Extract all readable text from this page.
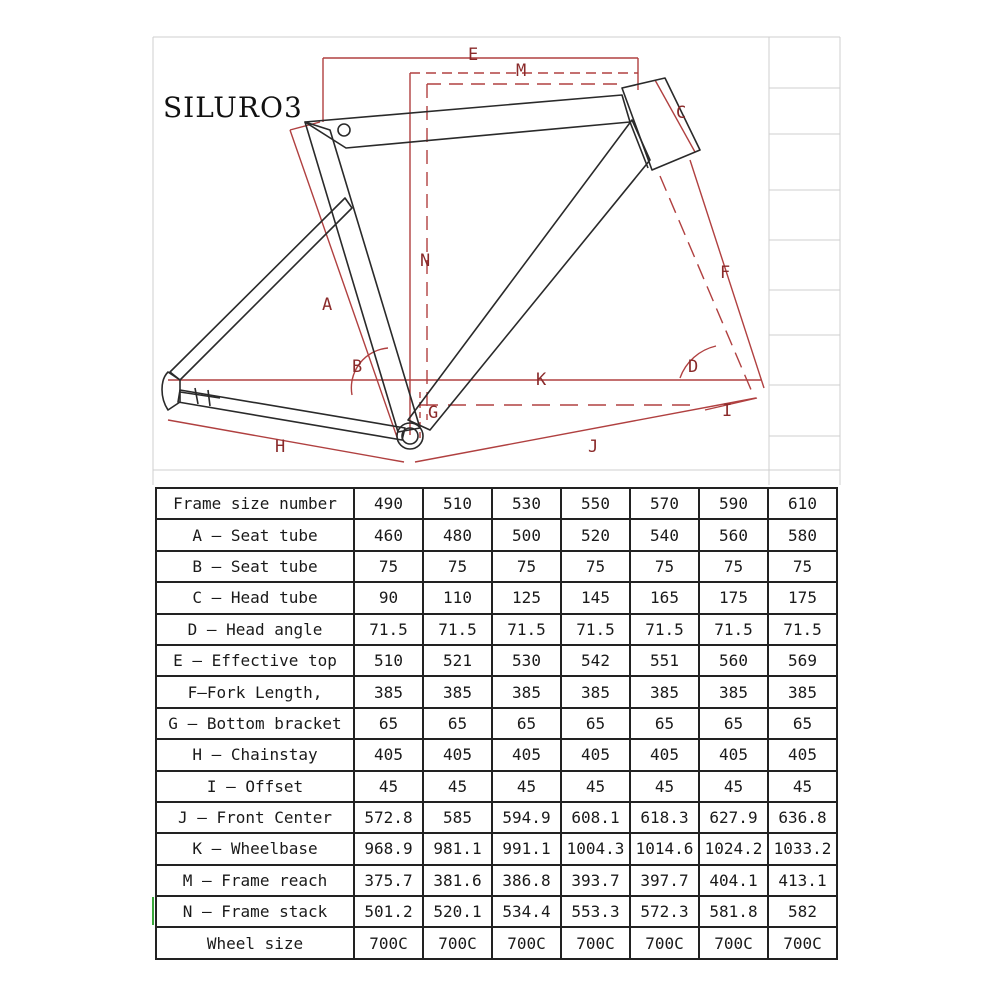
SILURO3
E
M
C
N
F
A
B	D
K
G
H	J
I
Frame size number	490	510	530	550	570	590	610
A — Seat tube	460	480	500	520	540	560	580
B — Seat tube	75	75	75	75	75	75	75
C — Head tube	90	110	125	145	165	175	175
D — Head angle	71.5	71.5	71.5	71.5	71.5	71.5	71.5
E — Effective top	510	521	530	542	551	560	569
F—Fork Length,	385	385	385	385	385	385	385
G — Bottom bracket	65	65	65	65	65	65	65
H — Chainstay	405	405	405	405	405	405	405
I — Offset	45	45	45	45	45	45	45
J — Front Center	572.8	585	594.9	608.1	618.3	627.9	636.8
K — Wheelbase	968.9	981.1	991.1	1004.3	1014.6	1024.2	1033.2
M — Frame reach	375.7	381.6	386.8	393.7	397.7	404.1	413.1
N — Frame stack	501.2	520.1	534.4	553.3	572.3	581.8	582
Wheel size	700C	700C	700C	700C	700C	700C	700C
